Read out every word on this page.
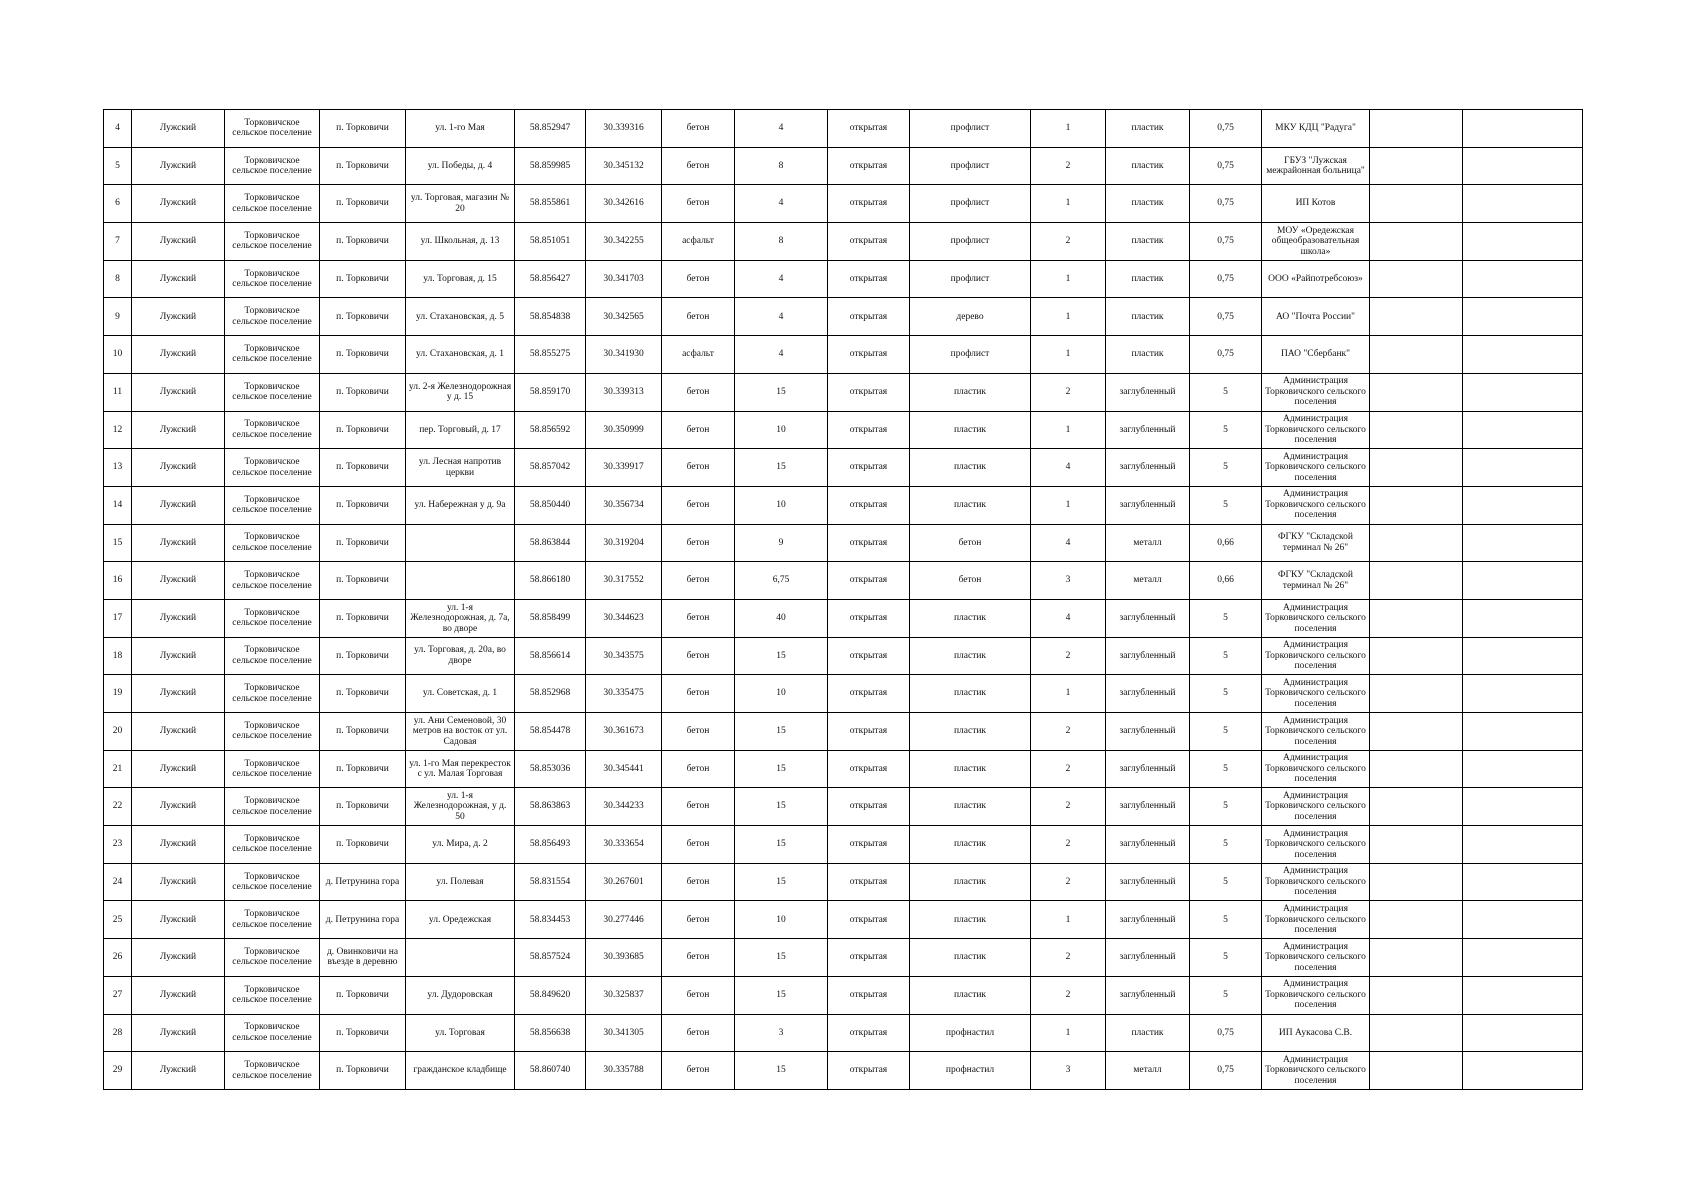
4	Лужский	Торковичское сельское поселение	п. Торковичи	ул. 1-го Мая	58.852947	30.339316	бетон	4	открытая	профлист	1	пластик	0,75	МКУ КДЦ "Радуга"		
5	Лужский	Торковичское сельское поселение	п. Торковичи	ул. Победы, д. 4	58.859985	30.345132	бетон	8	открытая	профлист	2	пластик	0,75	ГБУЗ "Лужская межрайонная больница"		
6	Лужский	Торковичское сельское поселение	п. Торковичи	ул. Торговая, магазин № 20	58.855861	30.342616	бетон	4	открытая	профлист	1	пластик	0,75	ИП Котов		
7	Лужский	Торковичское сельское поселение	п. Торковичи	ул. Школьная, д. 13	58.851051	30.342255	асфальт	8	открытая	профлист	2	пластик	0,75	МОУ «Оредежская общеобразовательная школа»		
8	Лужский	Торковичское сельское поселение	п. Торковичи	ул. Торговая, д. 15	58.856427	30.341703	бетон	4	открытая	профлист	1	пластик	0,75	ООО «Райпотребсоюз»		
9	Лужский	Торковичское сельское поселение	п. Торковичи	ул. Стахановская, д. 5	58.854838	30.342565	бетон	4	открытая	дерево	1	пластик	0,75	АО "Почта России"		
10	Лужский	Торковичское сельское поселение	п. Торковичи	ул. Стахановская, д. 1	58.855275	30.341930	асфальт	4	открытая	профлист	1	пластик	0,75	ПАО "Сбербанк"		
11	Лужский	Торковичское сельское поселение	п. Торковичи	ул. 2-я Железнодорожная у д. 15	58.859170	30.339313	бетон	15	открытая	пластик	2	заглубленный	5	Администрация Торковичского сельского поселения		
12	Лужский	Торковичское сельское поселение	п. Торковичи	пер. Торговый, д. 17	58.856592	30.350999	бетон	10	открытая	пластик	1	заглубленный	5	Администрация Торковичского сельского поселения		
13	Лужский	Торковичское сельское поселение	п. Торковичи	ул. Лесная напротив церкви	58.857042	30.339917	бетон	15	открытая	пластик	4	заглубленный	5	Администрация Торковичского сельского поселения		
14	Лужский	Торковичское сельское поселение	п. Торковичи	ул. Набережная у д. 9а	58.850440	30.356734	бетон	10	открытая	пластик	1	заглубленный	5	Администрация Торковичского сельского поселения		
15	Лужский	Торковичское сельское поселение	п. Торковичи		58.863844	30.319204	бетон	9	открытая	бетон	4	металл	0,66	ФГКУ "Складской терминал № 26"		
16	Лужский	Торковичское сельское поселение	п. Торковичи		58.866180	30.317552	бетон	6,75	открытая	бетон	3	металл	0,66	ФГКУ "Складской терминал № 26"		
17	Лужский	Торковичское сельское поселение	п. Торковичи	ул. 1-я Железнодорожная, д. 7а, во дворе	58.858499	30.344623	бетон	40	открытая	пластик	4	заглубленный	5	Администрация Торковичского сельского поселения		
18	Лужский	Торковичское сельское поселение	п. Торковичи	ул. Торговая, д. 20а, во дворе	58.856614	30.343575	бетон	15	открытая	пластик	2	заглубленный	5	Администрация Торковичского сельского поселения		
19	Лужский	Торковичское сельское поселение	п. Торковичи	ул. Советская, д. 1	58.852968	30.335475	бетон	10	открытая	пластик	1	заглубленный	5	Администрация Торковичского сельского поселения		
20	Лужский	Торковичское сельское поселение	п. Торковичи	ул. Ани Семеновой, 30 метров на восток от ул. Садовая	58.854478	30.361673	бетон	15	открытая	пластик	2	заглубленный	5	Администрация Торковичского сельского поселения		
21	Лужский	Торковичское сельское поселение	п. Торковичи	ул. 1-го Мая перекресток с ул. Малая Торговая	58.853036	30.345441	бетон	15	открытая	пластик	2	заглубленный	5	Администрация Торковичского сельского поселения		
22	Лужский	Торковичское сельское поселение	п. Торковичи	ул. 1-я Железнодорожная, у д. 50	58.863863	30.344233	бетон	15	открытая	пластик	2	заглубленный	5	Администрация Торковичского сельского поселения		
23	Лужский	Торковичское сельское поселение	п. Торковичи	ул. Мира, д. 2	58.856493	30.333654	бетон	15	открытая	пластик	2	заглубленный	5	Администрация Торковичского сельского поселения		
24	Лужский	Торковичское сельское поселение	д. Петрунина гора	ул. Полевая	58.831554	30.267601	бетон	15	открытая	пластик	2	заглубленный	5	Администрация Торковичского сельского поселения		
25	Лужский	Торковичское сельское поселение	д. Петрунина гора	ул. Оредежская	58.834453	30.277446	бетон	10	открытая	пластик	1	заглубленный	5	Администрация Торковичского сельского поселения		
26	Лужский	Торковичское сельское поселение	д. Овинковичи на въезде в деревню		58.857524	30.393685	бетон	15	открытая	пластик	2	заглубленный	5	Администрация Торковичского сельского поселения		
27	Лужский	Торковичское сельское поселение	п. Торковичи	ул. Дудоровская	58.849620	30.325837	бетон	15	открытая	пластик	2	заглубленный	5	Администрация Торковичского сельского поселения		
28	Лужский	Торковичское сельское поселение	п. Торковичи	ул. Торговая	58.856638	30.341305	бетон	3	открытая	профнастил	1	пластик	0,75	ИП Аукасова С.В.		
29	Лужский	Торковичское сельское поселение	п. Торковичи	гражданское кладбище	58.860740	30.335788	бетон	15	открытая	профнастил	3	металл	0,75	Администрация Торковичского сельского поселения		
